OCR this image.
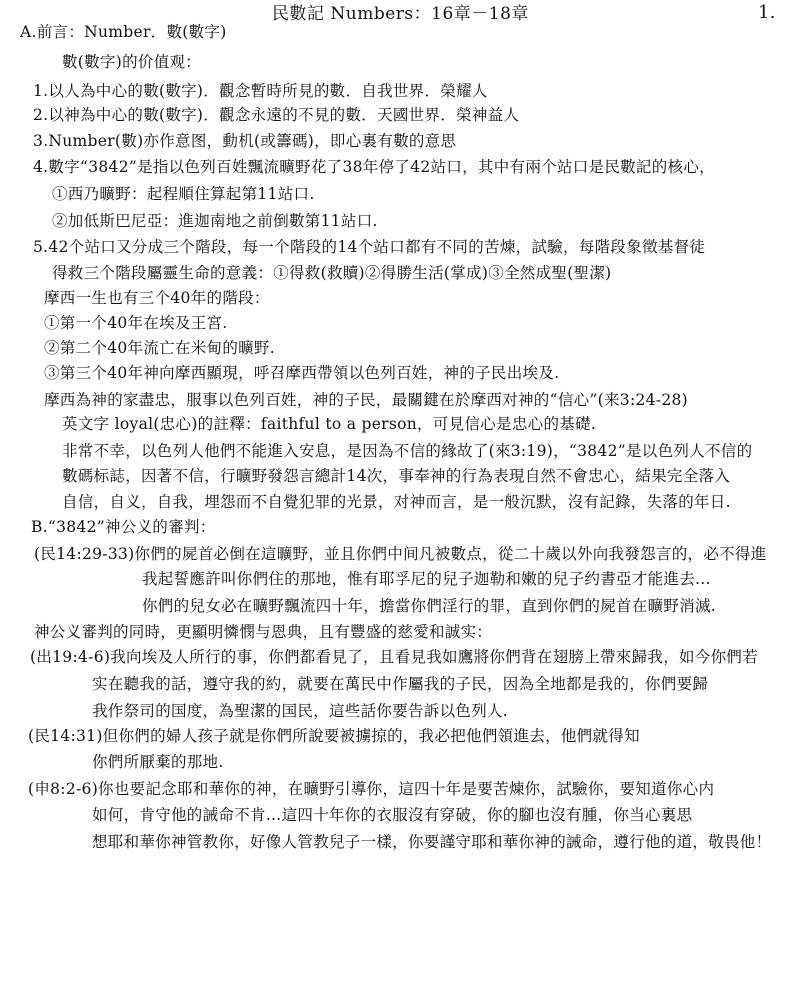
民數記 Numbers：16章－18章	1.
A.前言：Number．數(數字)
數(數字)的价值观：
1.以人為中心的數(數字)．觀念暫時所見的數．自我世界．榮耀人
2.以神為中心的數(數字)．觀念永遠的不見的數．天國世界．榮神益人
3.Number(數)亦作意图，動机(或籌碼)，即心裏有數的意思
4.數字“3842”是指以色列百姓飄流曠野花了38年停了42站口，其中有兩个站口是民數記的核心，
①西乃曠野：起程順住算起第11站口.
②加低斯巴尼亞：進迦南地之前倒數第11站口.
5.42个站口又分成三个階段，每一个階段的14个站口都有不同的苦煉，試驗，每階段象徵基督徒
得救三个階段屬靈生命的意義：①得救(救贖)②得勝生活(掌成)③全然成聖(聖潔)
摩西一生也有三个40年的階段：
①第一个40年在埃及王宮.
②第二个40年流亡在米甸的曠野.
③第三个40年神向摩西顯現，呼召摩西帶領以色列百姓，神的子民出埃及.
摩西為神的家盡忠，服事以色列百姓，神的子民，最關鍵在於摩西对神的“信心”(来3:24-28)
英文字 loyal(忠心)的註釋：faithful to a person，可見信心是忠心的基礎.
非常不幸，以色列人他們不能進入安息，是因為不信的緣故了(來3:19)，“3842”是以色列人不信的
數碼标誌，因著不信，行曠野發怨言總計14次，事奉神的行為表現自然不會忠心，結果完全落入
自信，自义，自我，埋怨而不自覺犯罪的光景，对神而言，是一般沉默，沒有記錄，失落的年日.
B.“3842”神公义的審判：
(民14:29-33)你們的屍首必倒在這曠野，並且你們中间凡被數点，從二十歲以外向我發怨言的，必不得進
我起誓應許叫你們住的那地，惟有耶孚尼的兒子迦勒和嫩的兒子约書亞才能進去…
你們的兒女必在曠野飄流四十年，擔當你們淫行的罪，直到你們的屍首在曠野消滅.
神公义審判的同時，更顯明憐憫与恩典，且有豐盛的慈愛和誠实：
(出19:4-6)我向埃及人所行的事，你們都看見了，且看見我如鷹將你們背在翅膀上帶來歸我，如今你們若
实在聽我的話，遵守我的約，就要在萬民中作屬我的子民，因為全地都是我的，你們要歸
我作祭司的国度，為聖潔的国民，這些話你要告訴以色列人.
(民14:31)但你們的婦人孩子就是你們所說要被擄掠的，我必把他們領進去，他們就得知
你們所厭棄的那地.
(申8:2-6)你也要記念耶和華你的神，在曠野引導你，這四十年是要苦煉你，試驗你，要知道你心内
如何，肯守他的誡命不肯…這四十年你的衣服沒有穿破，你的腳也沒有腫，你当心裏思
想耶和華你神管教你，好像人管教兒子一樣，你要謹守耶和華你神的誡命，遵行他的道，敬畏他！
